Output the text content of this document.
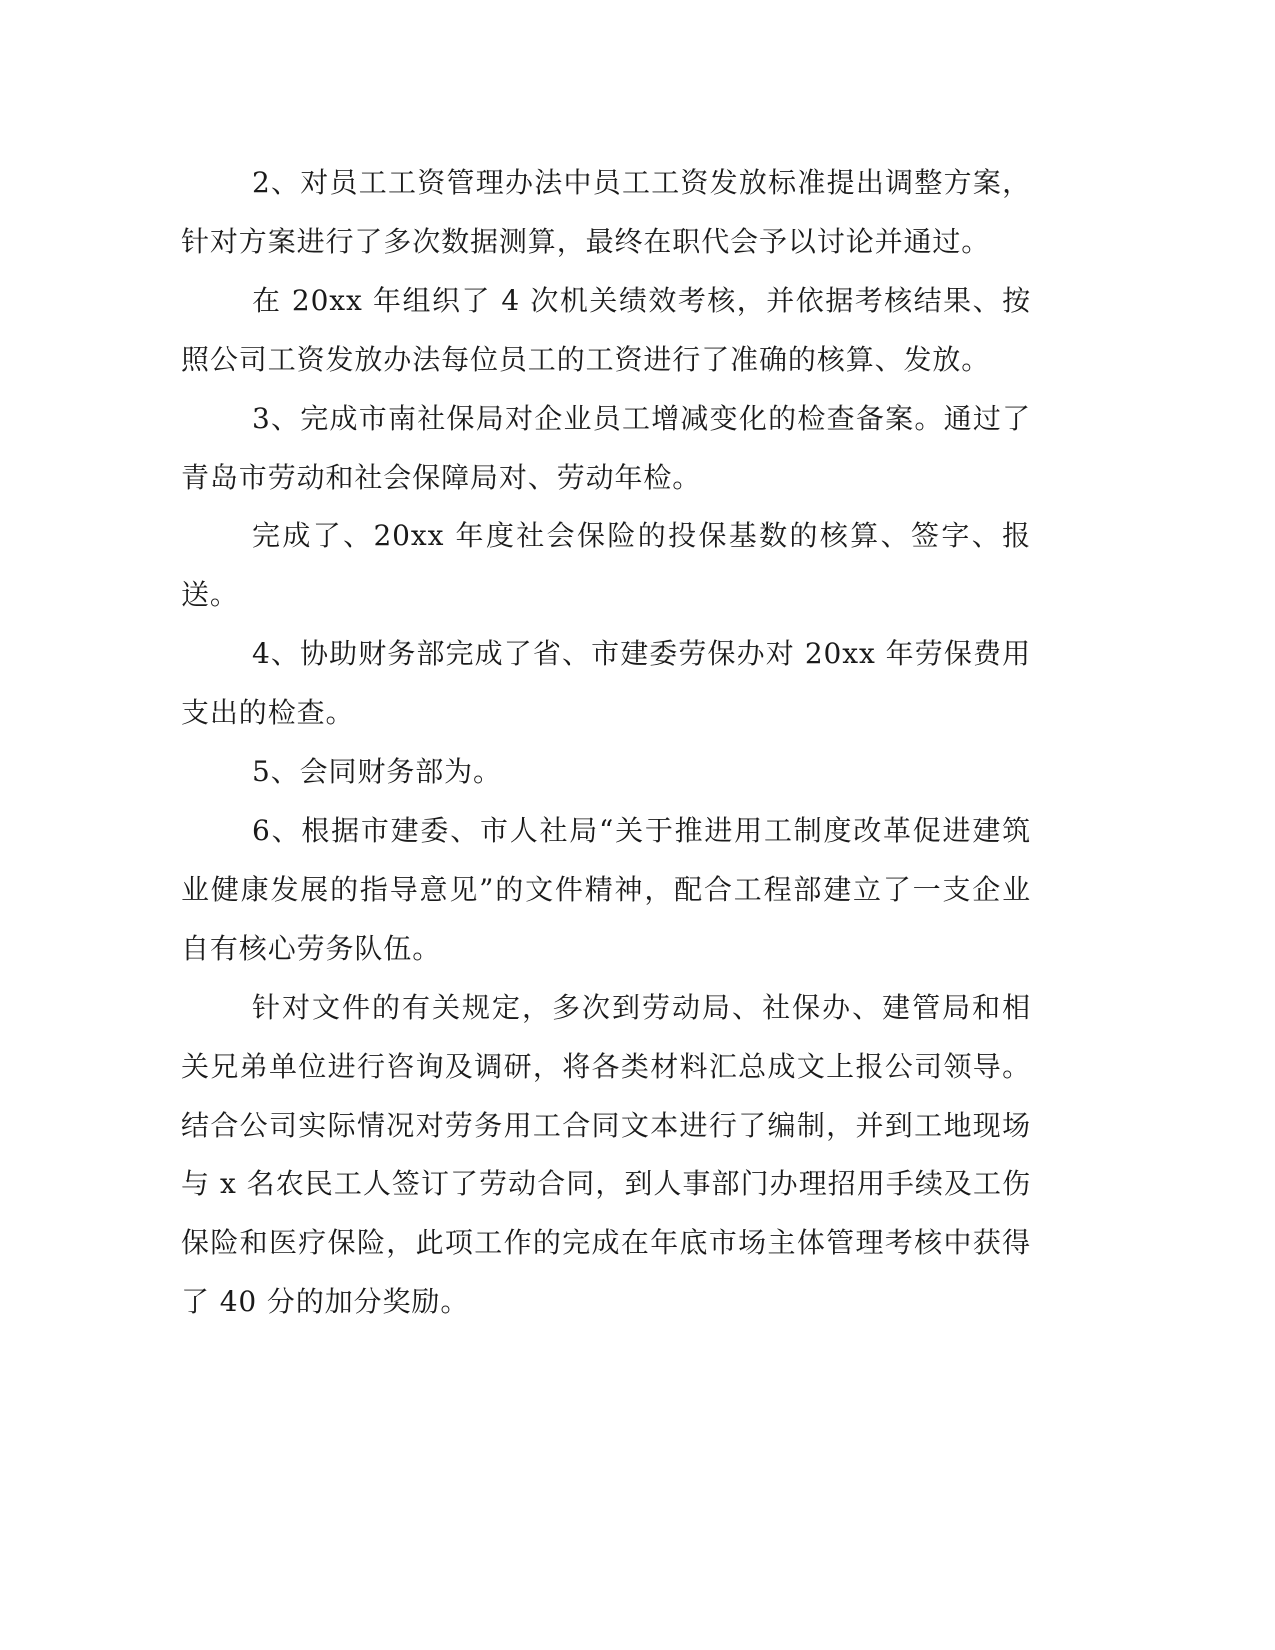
2、对员工工资管理办法中员工工资发放标准提出调整方案，针对方案进行了多次数据测算，最终在职代会予以讨论并通过。

在 20xx 年组织了 4 次机关绩效考核，并依据考核结果、按照公司工资发放办法每位员工的工资进行了准确的核算、发放。

3、完成市南社保局对企业员工增减变化的检查备案。通过了青岛市劳动和社会保障局对、劳动年检。

完成了、20xx 年度社会保险的投保基数的核算、签字、报送。

4、协助财务部完成了省、市建委劳保办对 20xx 年劳保费用支出的检查。

5、会同财务部为。

6、根据市建委、市人社局“关于推进用工制度改革促进建筑业健康发展的指导意见”的文件精神，配合工程部建立了一支企业自有核心劳务队伍。

针对文件的有关规定，多次到劳动局、社保办、建管局和相关兄弟单位进行咨询及调研，将各类材料汇总成文上报公司领导。结合公司实际情况对劳务用工合同文本进行了编制，并到工地现场与 x 名农民工人签订了劳动合同，到人事部门办理招用手续及工伤保险和医疗保险，此项工作的完成在年底市场主体管理考核中获得了 40 分的加分奖励。
